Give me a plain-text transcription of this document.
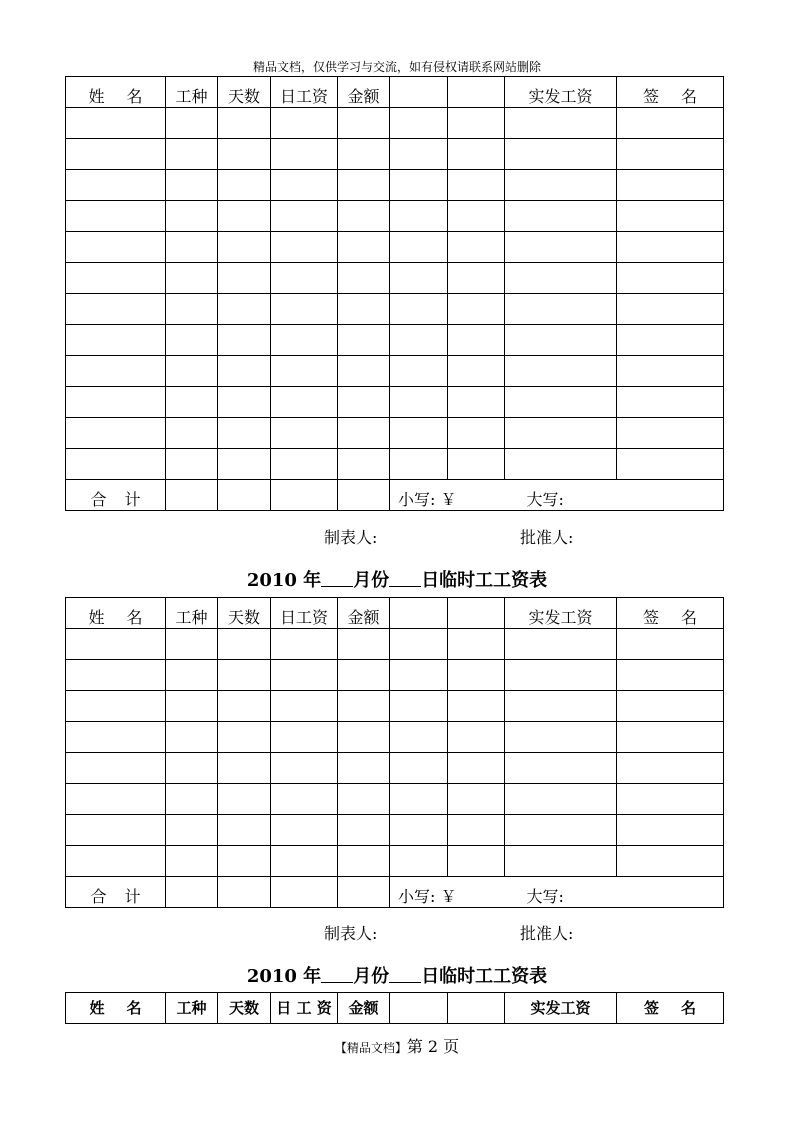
精品文档，仅供学习与交流，如有侵权请联系网站删除
姓名	工种	天数	日工资	金额			实发工资	签名

合计					小写: ￥ 大写:			
制表人:	批准人:
2010 年 月份 日临时工工资表
姓名	工种	天数	日工资	金额			实发工资	签名

合计					小写: ￥ 大写:			
制表人:	批准人:
2010 年 月份 日临时工工资表
姓名	工种	天数	日 工 资	金额			实发工资	签名
【精品文档】第 2 页
